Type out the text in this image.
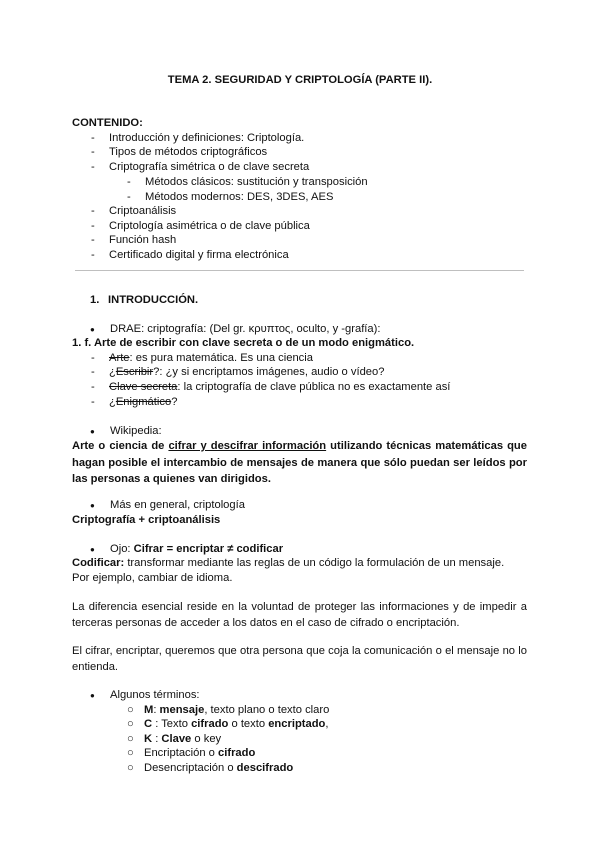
TEMA 2. SEGURIDAD Y CRIPTOLOGÍA (PARTE II).
CONTENIDO:
- Introducción y definiciones: Criptología.
- Tipos de métodos criptográficos
- Criptografía simétrica o de clave secreta
- Métodos clásicos: sustitución y transposición
- Métodos modernos: DES, 3DES, AES
- Criptoanálisis
- Criptología asimétrica o de clave pública
- Función hash
- Certificado digital y firma electrónica
1. INTRODUCCIÓN.
● DRAE: criptografía: (Del gr. κρυπτος, oculto, y -grafía):
1. f. Arte de escribir con clave secreta o de un modo enigmático.
- Arte: es pura matemática. Es una ciencia
- ¿Escribir?: ¿y si encriptamos imágenes, audio o vídeo?
- Clave secreta: la criptografía de clave pública no es exactamente así
- ¿Enigmático?
● Wikipedia:
Arte o ciencia de cifrar y descifrar información utilizando técnicas matemáticas que
hagan posible el intercambio de mensajes de manera que sólo puedan ser leídos por
las personas a quienes van dirigidos.
● Más en general, criptología
Criptografía + criptoanálisis
● Ojo: Cifrar = encriptar ≠ codificar
Codificar: transformar mediante las reglas de un código la formulación de un mensaje.
Por ejemplo, cambiar de idioma.
La diferencia esencial reside en la voluntad de proteger las informaciones y de impedir a
terceras personas de acceder a los datos en el caso de cifrado o encriptación.
El cifrar, encriptar, queremos que otra persona que coja la comunicación o el mensaje no lo
entienda.
● Algunos términos:
○ M: mensaje, texto plano o texto claro
○ C : Texto cifrado o texto encriptado,
○ K : Clave o key
○ Encriptación o cifrado
○ Desencriptación o descifrado
